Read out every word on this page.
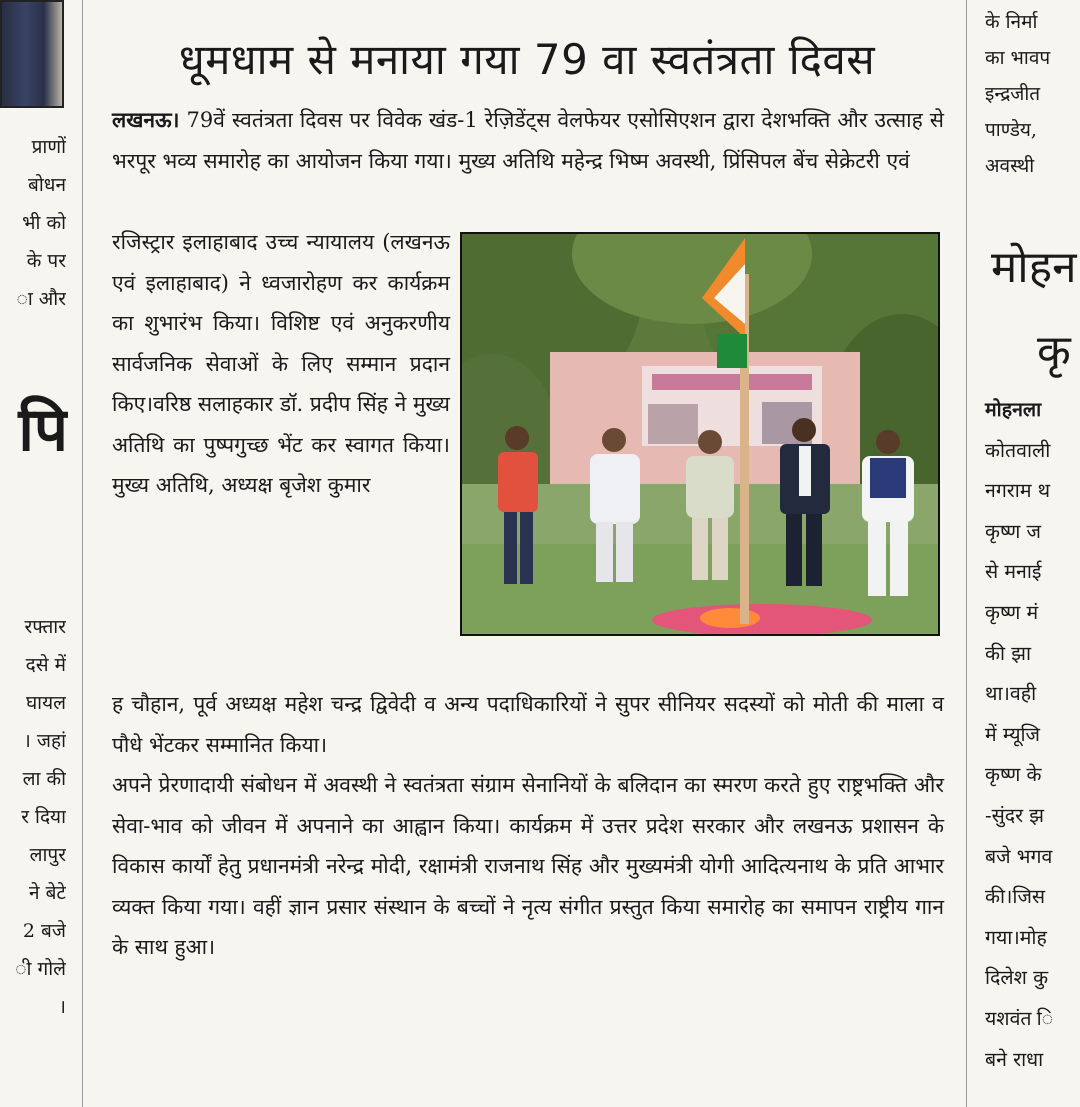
प्राणों
बोधन
भी को
के पर
ा और
पि
रफ्तार
दसे में
घायल
। जहां
ला की
र दिया
लापुर
ने बेटे
2 बजे
ी गोले
।
धूमधाम से मनाया गया 79 वा स्वतंत्रता दिवस

लखनऊ। 79वें स्वतंत्रता दिवस पर विवेक खंड-1 रेज़िडेंट्स वेलफेयर एसोसिएशन द्वारा देशभक्ति और उत्साह से भरपूर भव्य समारोह का आयोजन किया गया। मुख्य अतिथि महेन्द्र भिष्म अवस्थी, प्रिंसिपल बेंच सेक्रेटरी एवं

रजिस्ट्रार इलाहाबाद उच्च न्यायालय (लखनऊ एवं इलाहाबाद) ने ध्वजारोहण कर कार्यक्रम का शुभारंभ किया। विशिष्ट एवं अनुकरणीय सार्वजनिक सेवाओं के लिए सम्मान प्रदान किए।वरिष्ठ सलाहकार डॉ. प्रदीप सिंह ने मुख्य अतिथि का पुष्पगुच्छ भेंट कर स्वागत किया। मुख्य अतिथि, अध्यक्ष बृजेश कुमार

ह चौहान, पूर्व अध्यक्ष महेश चन्द्र द्विवेदी व अन्य पदाधिकारियों ने सुपर सीनियर सदस्यों को मोती की माला व पौधे भेंटकर सम्मानित किया।

अपने प्रेरणादायी संबोधन में अवस्थी ने स्वतंत्रता संग्राम सेनानियों के बलिदान का स्मरण करते हुए राष्ट्रभक्ति और सेवा-भाव को जीवन में अपनाने का आह्वान किया। कार्यक्रम में उत्तर प्रदेश सरकार और लखनऊ प्रशासन के विकास कार्यों हेतु प्रधानमंत्री नरेन्द्र मोदी, रक्षामंत्री राजनाथ सिंह और मुख्यमंत्री योगी आदित्यनाथ के प्रति आभार व्यक्त किया गया। वहीं ज्ञान प्रसार संस्थान के बच्चों ने नृत्य संगीत प्रस्तुत किया समारोह का समापन राष्ट्रीय गान के साथ हुआ।

के निर्मा
का भावप
इन्द्रजीत
पाण्डेय,
अवस्थी
मोहन
कृ
मोहनला
कोतवाली
नगराम थ
कृष्ण ज
से मनाई
कृष्ण मं
की झा
था।वही
में म्यूजि
कृष्ण के
-सुंदर झ
बजे भगव
की।जिस
गया।मोह
दिलेश कु
यशवंत ि
बने राधा
